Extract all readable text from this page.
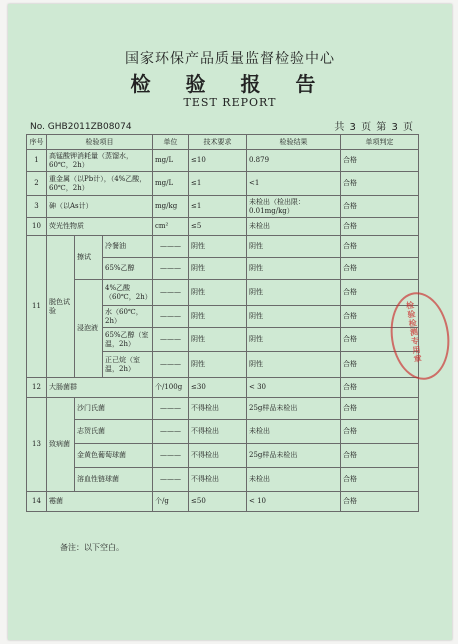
国家环保产品质量监督检验中心
检 验 报 告
TEST REPORT
No. GHB2011ZB08074	共 3 页 第 3 页
序号	检验项目			单位	技术要求	检验结果	单项判定
1	高锰酸钾消耗量（蒸馏水，60℃，2h）			mg/L	≤10	0.879	合格
2	重金属（以Pb计），（4%乙酸，60℃，2h）			mg/L	≤1	<1	合格
3	砷（以As计）			mg/kg	≤1	未检出（检出限：0.01mg/kg）	合格
10	荧光性物质			cm²	≤5	未检出	合格
11	脱色试验	擦试	冷餐油	———	阴性	阴性	合格
			65%乙醇	———	阴性	阴性	合格
		浸泡液	4%乙酸（60℃，2h）	———	阴性	阴性	合格
			水（60℃，2h）	———	阴性	阴性	合格
			65%乙醇（室温，2h）	———	阴性	阴性	合格
			正己烷（室温，2h）	———	阴性	阴性	合格
12	大肠菌群			个/100g	≤30	< 30	合格
13	致病菌	沙门氏菌		———	不得检出	25g样品未检出	合格
		志贺氏菌		———	不得检出	未检出	合格
		金黄色葡萄球菌		———	不得检出	25g样品未检出	合格
		溶血性链球菌		———	不得检出	未检出	合格
14	霉菌			个/g	≤50	< 10	合格
备注：以下空白。
检验检测专用章
